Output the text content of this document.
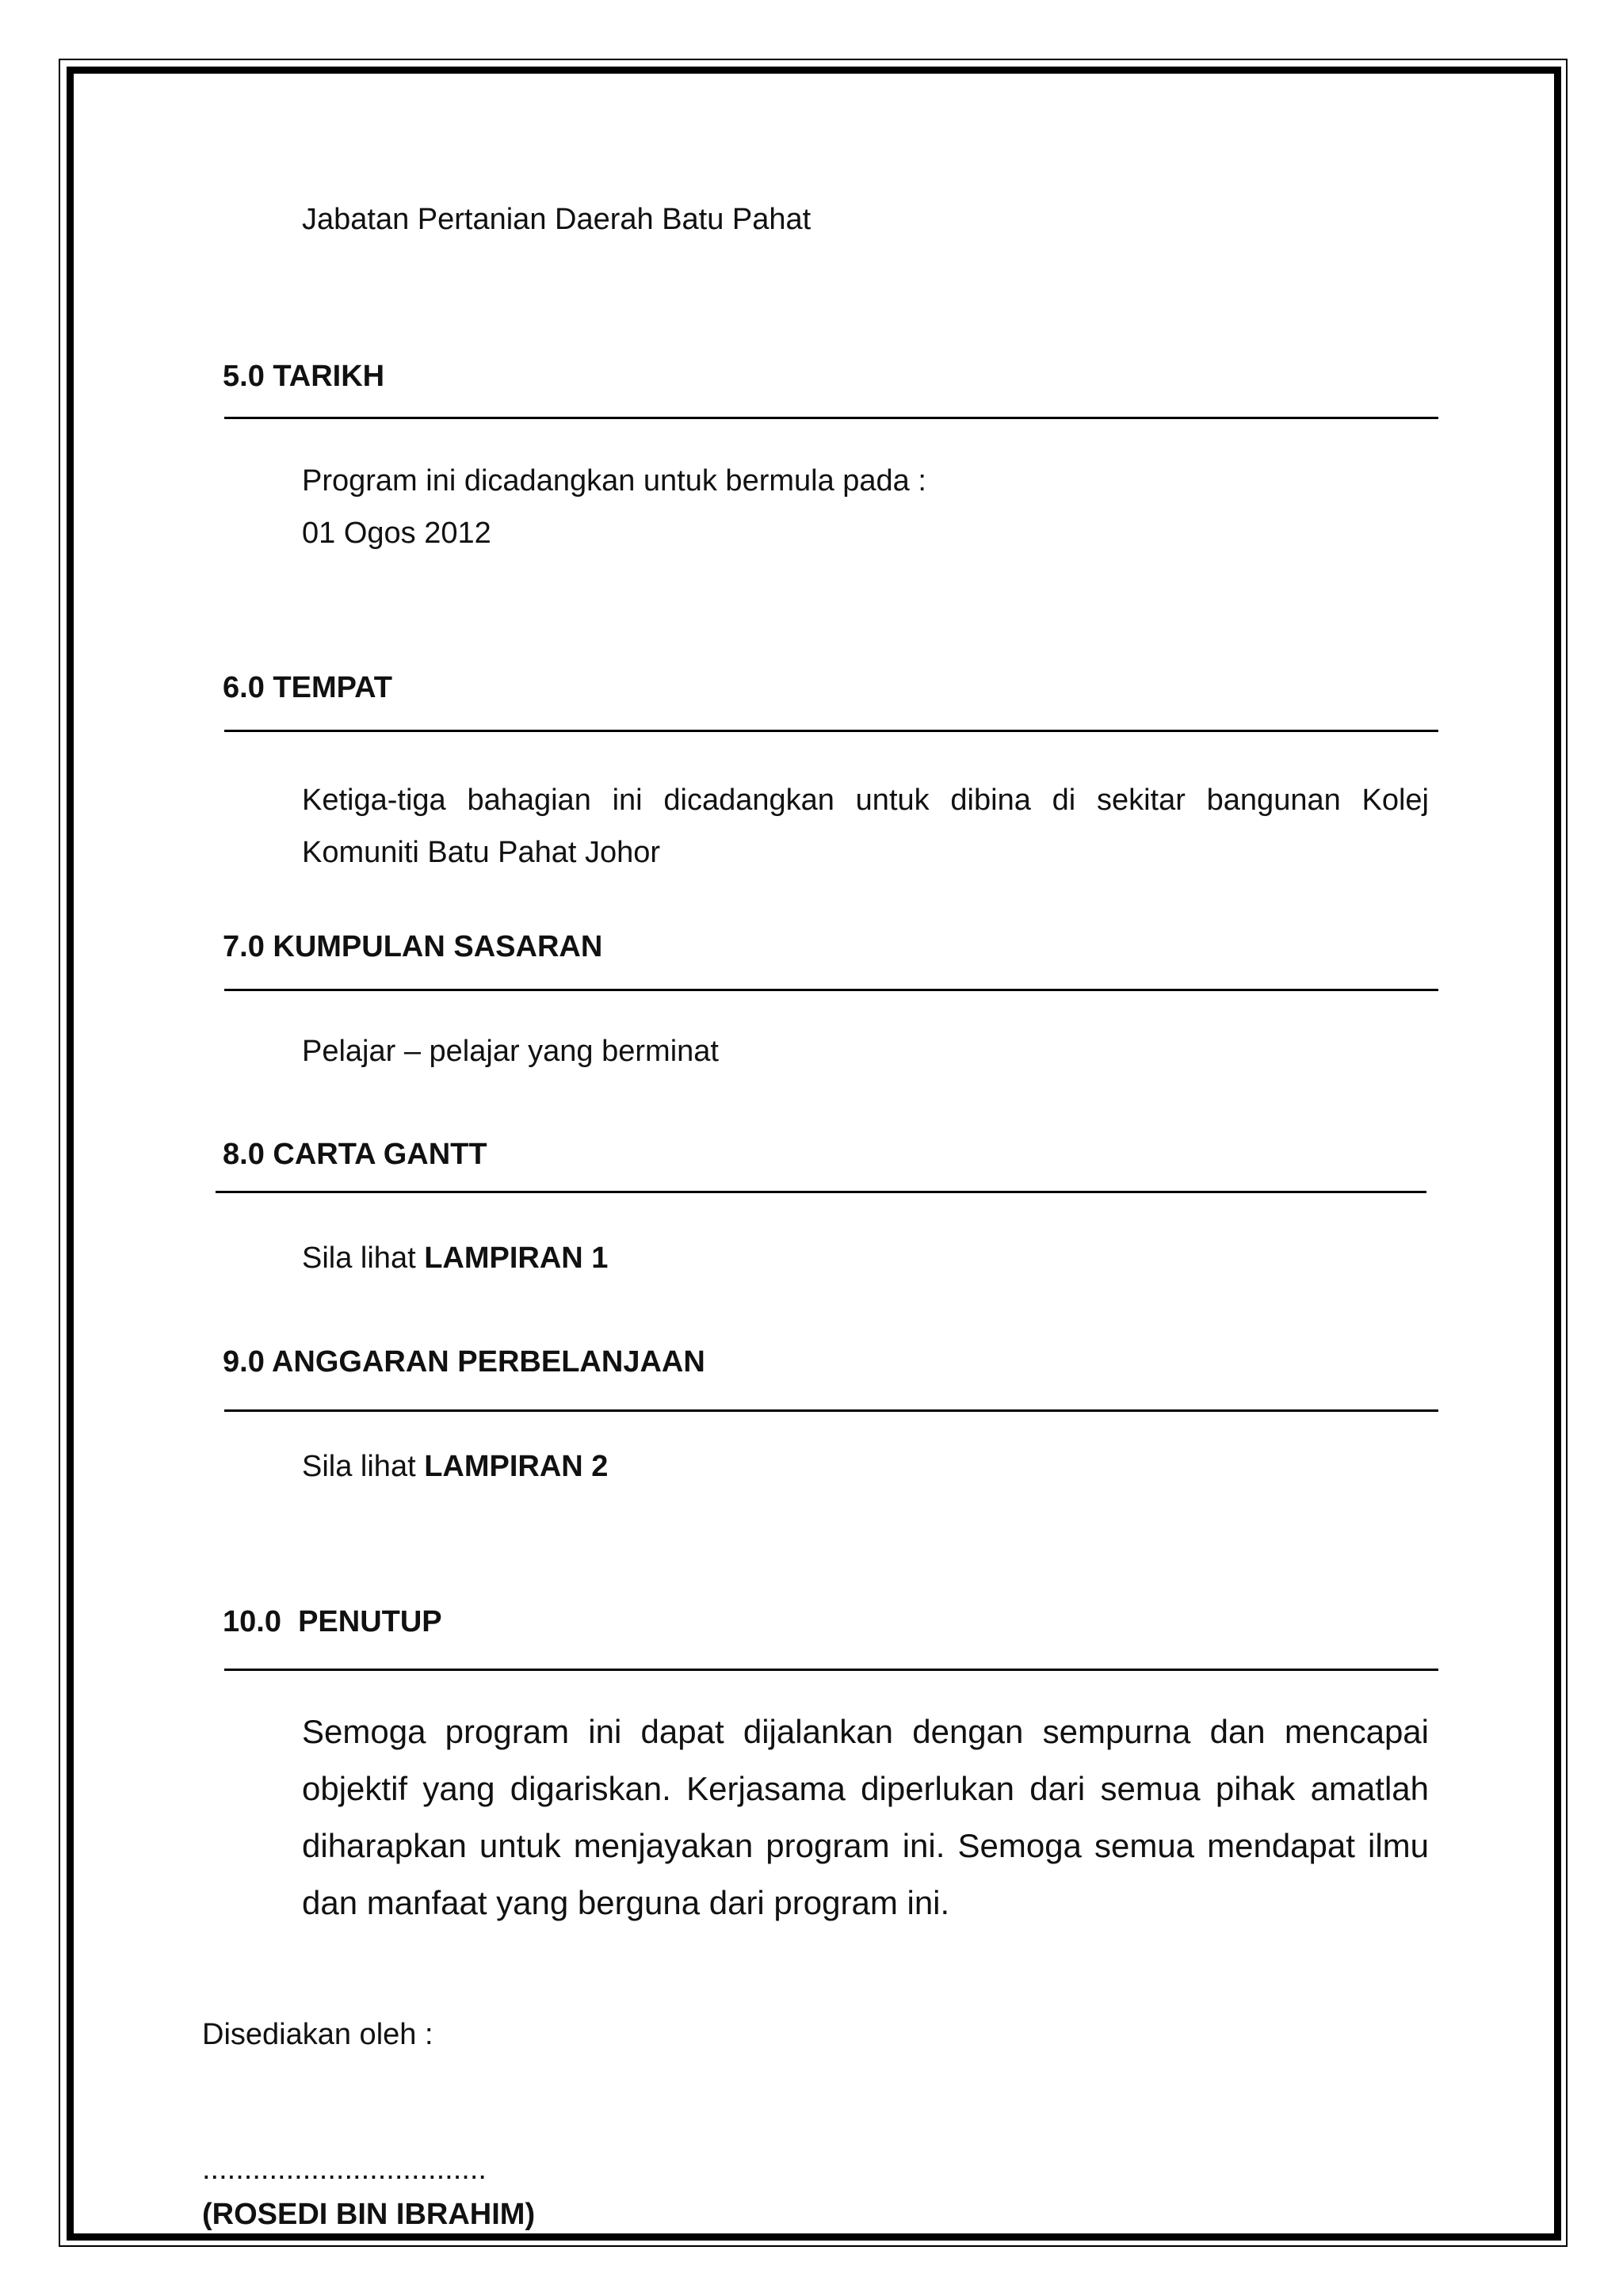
Jabatan Pertanian Daerah Batu Pahat
5.0 TARIKH
Program ini dicadangkan untuk bermula pada :
01 Ogos 2012
6.0 TEMPAT
Ketiga-tiga bahagian ini dicadangkan untuk dibina di sekitar bangunan Kolej Komuniti Batu Pahat Johor
7.0 KUMPULAN SASARAN
Pelajar – pelajar yang berminat
8.0 CARTA GANTT
Sila lihat LAMPIRAN 1
9.0 ANGGARAN PERBELANJAAN
Sila lihat LAMPIRAN 2
10.0  PENUTUP
Semoga program ini dapat dijalankan dengan sempurna dan mencapai objektif yang digariskan. Kerjasama diperlukan dari semua pihak amatlah diharapkan untuk menjayakan program ini. Semoga semua mendapat ilmu dan manfaat yang berguna dari program ini.
Disediakan oleh :
..................................
(ROSEDI BIN IBRAHIM)
